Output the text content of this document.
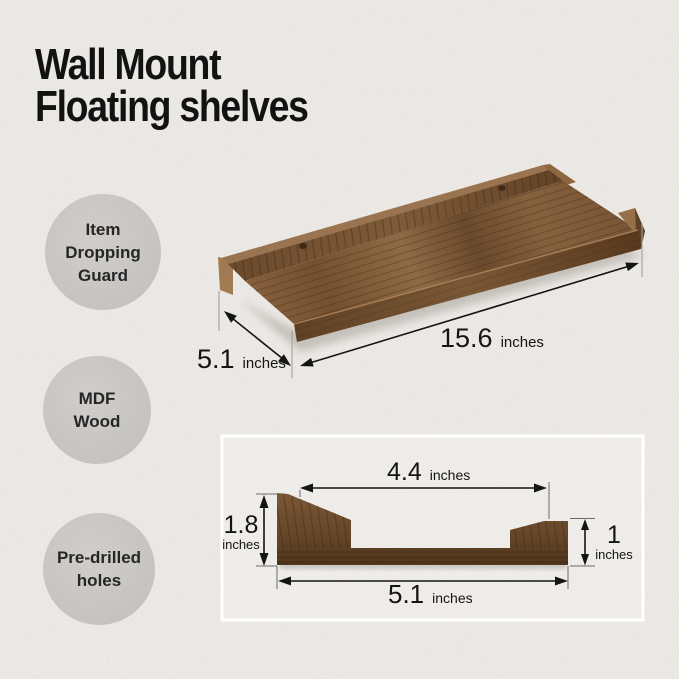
Wall Mount
Floating shelves
Item
Dropping
Guard
MDF
Wood
Pre-drilled
holes
15.6 inches
5.1 inches
4.4 inches
1.8
inches	1
inches
5.1 inches
